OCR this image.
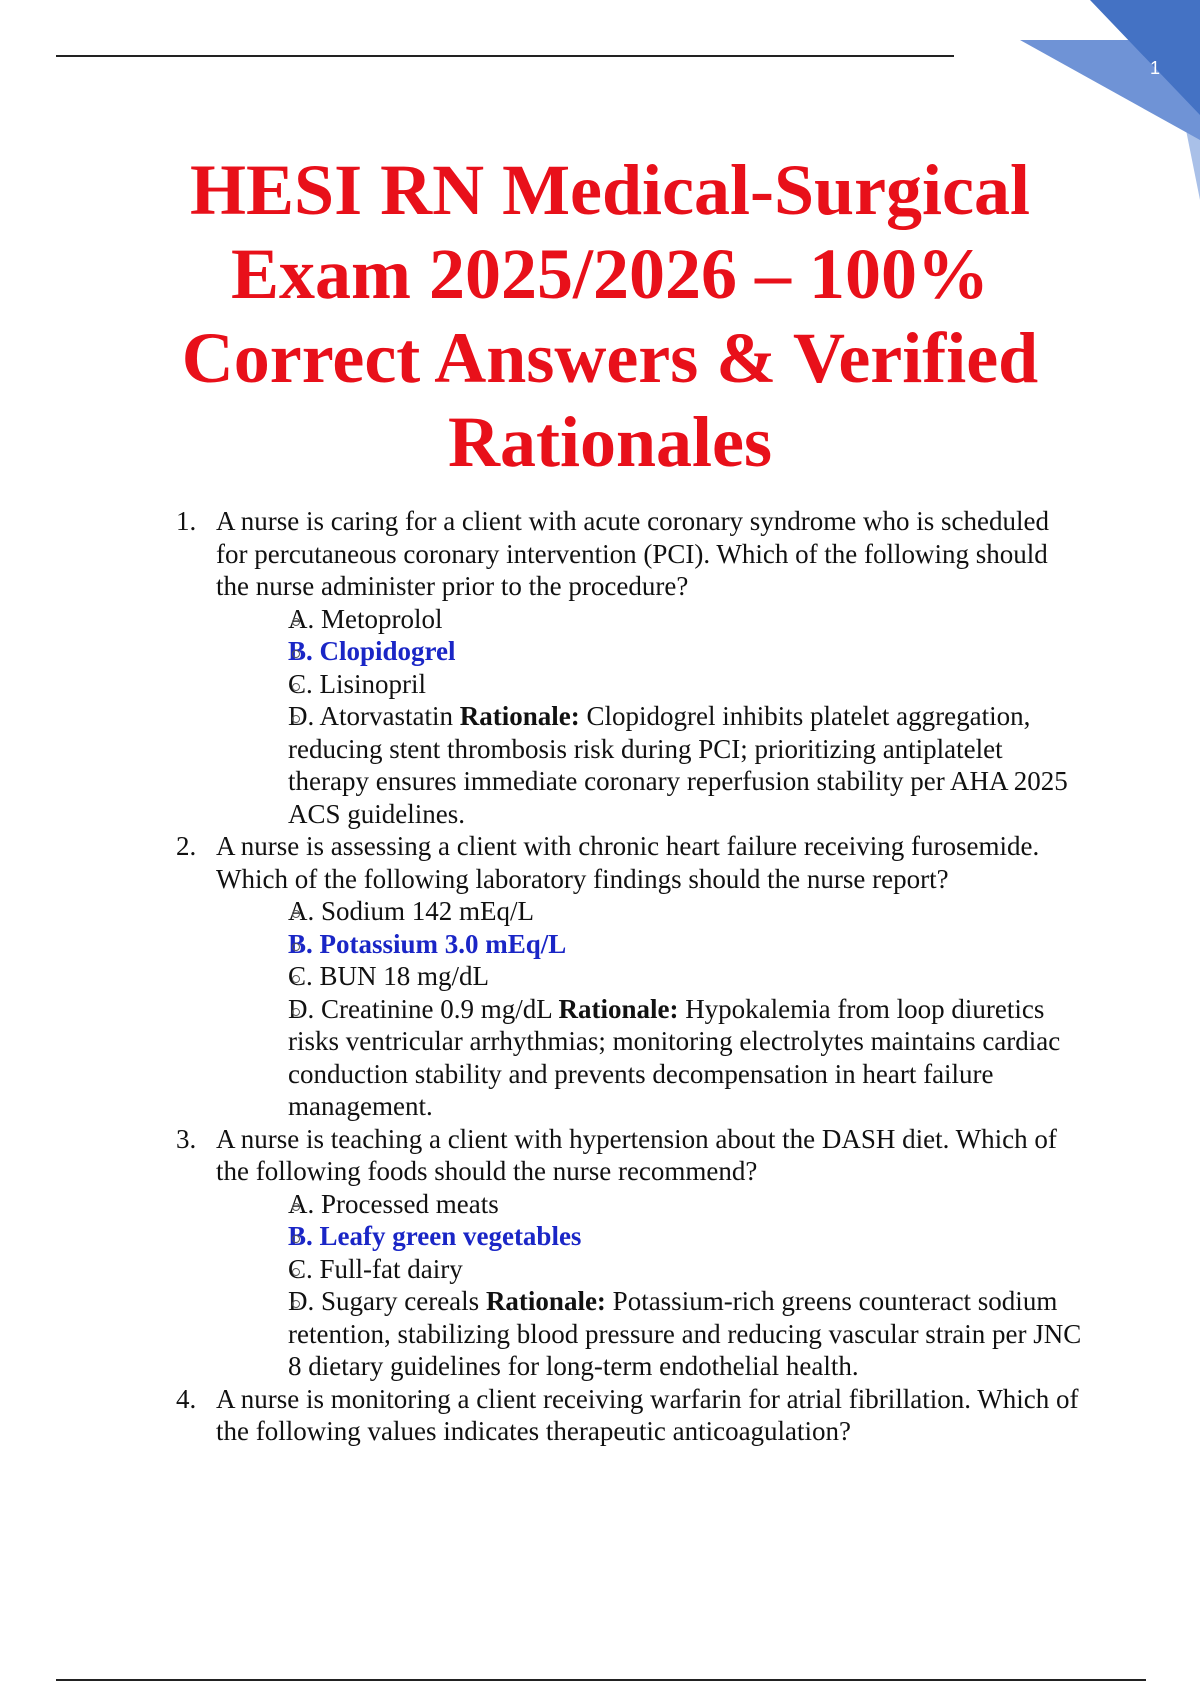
1
HESI RN Medical-Surgical Exam 2025/2026 – 100% Correct Answers & Verified Rationales
1. A nurse is caring for a client with acute coronary syndrome who is scheduled for percutaneous coronary intervention (PCI). Which of the following should the nurse administer prior to the procedure?
A. Metoprolol
B. Clopidogrel
C. Lisinopril
D. Atorvastatin Rationale: Clopidogrel inhibits platelet aggregation, reducing stent thrombosis risk during PCI; prioritizing antiplatelet therapy ensures immediate coronary reperfusion stability per AHA 2025 ACS guidelines.
2. A nurse is assessing a client with chronic heart failure receiving furosemide. Which of the following laboratory findings should the nurse report?
A. Sodium 142 mEq/L
B. Potassium 3.0 mEq/L
C. BUN 18 mg/dL
D. Creatinine 0.9 mg/dL Rationale: Hypokalemia from loop diuretics risks ventricular arrhythmias; monitoring electrolytes maintains cardiac conduction stability and prevents decompensation in heart failure management.
3. A nurse is teaching a client with hypertension about the DASH diet. Which of the following foods should the nurse recommend?
A. Processed meats
B. Leafy green vegetables
C. Full-fat dairy
D. Sugary cereals Rationale: Potassium-rich greens counteract sodium retention, stabilizing blood pressure and reducing vascular strain per JNC 8 dietary guidelines for long-term endothelial health.
4. A nurse is monitoring a client receiving warfarin for atrial fibrillation. Which of the following values indicates therapeutic anticoagulation?
